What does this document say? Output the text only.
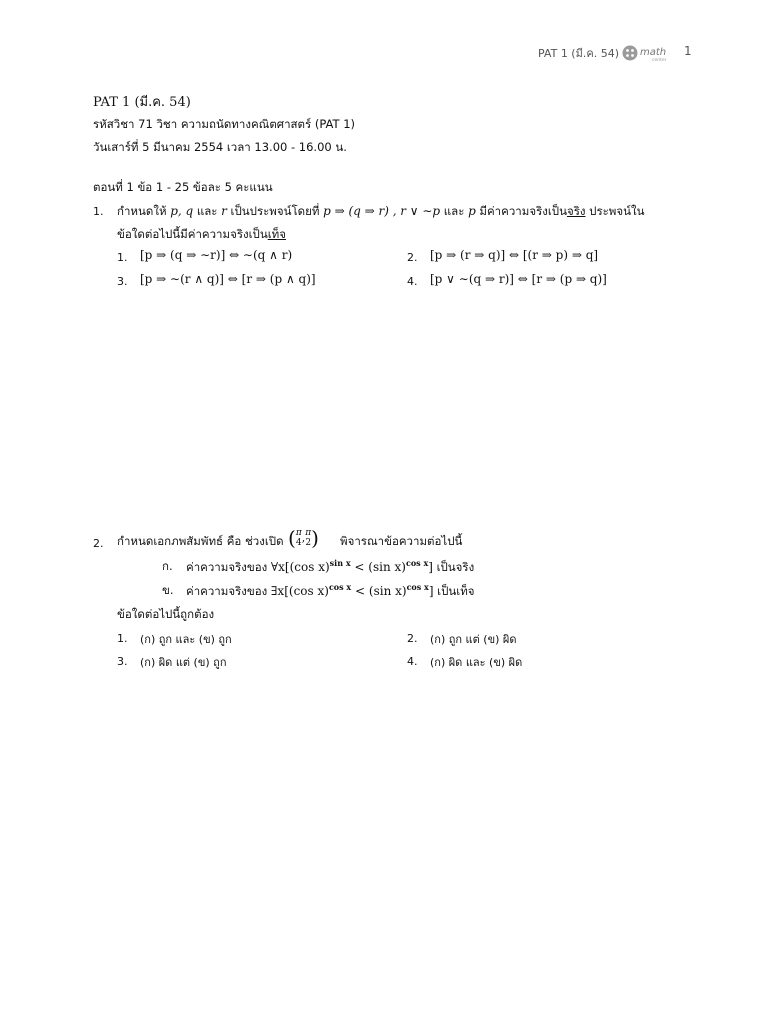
PAT 1 (มี.ค. 54) math
center
1
PAT 1 (มี.ค. 54)
รหัสวิชา 71 วิชา ความถนัดทางคณิตศาสตร์ (PAT 1)
วันเสาร์ที่ 5 มีนาคม 2554 เวลา 13.00 - 16.00 น.
ตอนที่ 1 ข้อ 1 - 25 ข้อละ 5 คะแนน
1. กำหนดให้ p, q และ r เป็นประพจน์โดยที่ p ⇒ (q ⇒ r) , r ∨ ∼p และ p มีค่าความจริงเป็นจริง ประพจน์ใน
ข้อใดต่อไปนี้มีค่าความจริงเป็นเท็จ
1. [p ⇒ (q ⇒ ∼r)] ⇔ ∼(q ∧ r)	2. [p ⇒ (r ⇒ q)] ⇔ [(r ⇒ p) ⇒ q]
3. [p ⇒ ∼(r ∧ q)] ⇔ [r ⇒ (p ∧ q)]	4. [p ∨ ∼(q ⇒ r)] ⇔ [r ⇒ (p ⇒ q)]
2. กำหนดเอกภพสัมพัทธ์ คือ ช่วงเปิด (π
4,π
2) พิจารณาข้อความต่อไปนี้
ก. ค่าความจริงของ ∀x[(cos x)$^{sin x}$ < (sin x)$^{cos x}$] เป็นจริง
ข. ค่าความจริงของ ∃x[(cos x)$^{cos x}$ < (sin x)$^{cos x}$] เป็นเท็จ
ข้อใดต่อไปนี้ถูกต้อง
1. (ก) ถูก และ (ข) ถูก	2. (ก) ถูก แต่ (ข) ผิด
3. (ก) ผิด แต่ (ข) ถูก	4. (ก) ผิด และ (ข) ผิด
